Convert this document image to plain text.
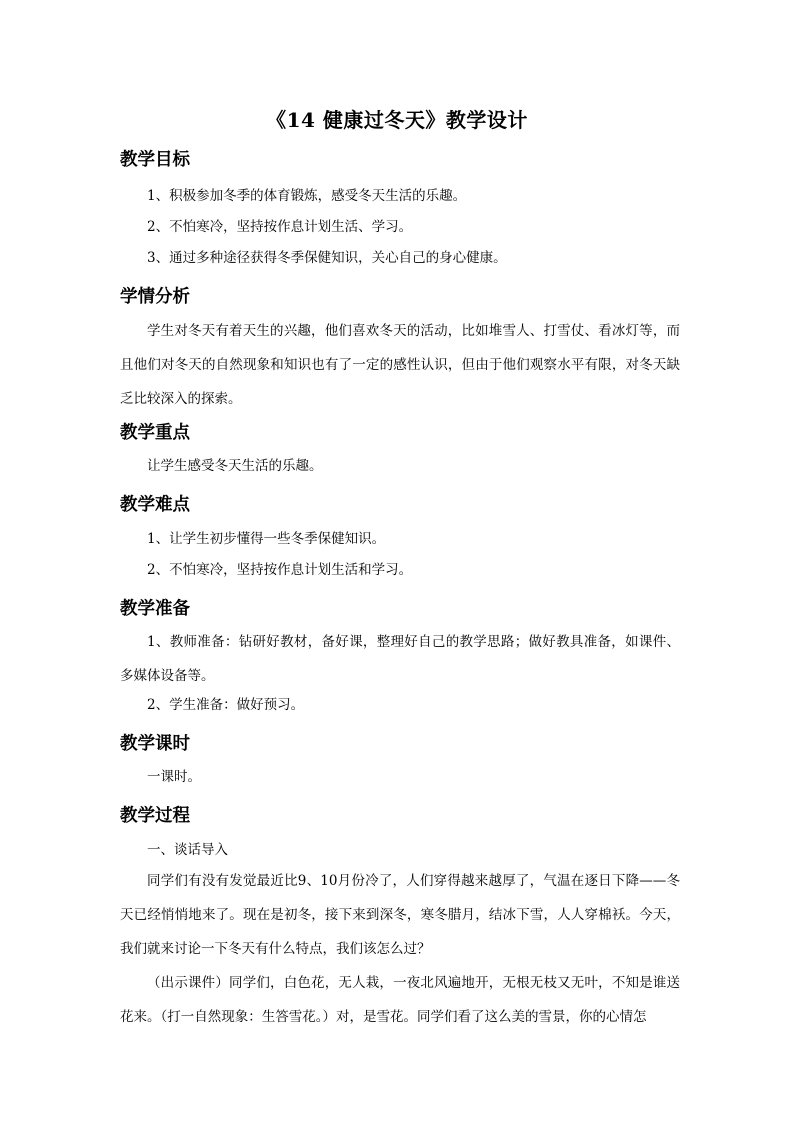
《14 健康过冬天》教学设计
教学目标
1、积极参加冬季的体育锻炼，感受冬天生活的乐趣。
2、不怕寒冷，坚持按作息计划生活、学习。
3、通过多种途径获得冬季保健知识，关心自己的身心健康。
学情分析
学生对冬天有着天生的兴趣，他们喜欢冬天的活动，比如堆雪人、打雪仗、看冰灯等，而且他们对冬天的自然现象和知识也有了一定的感性认识，但由于他们观察水平有限，对冬天缺乏比较深入的探索。
教学重点
让学生感受冬天生活的乐趣。
教学难点
1、让学生初步懂得一些冬季保健知识。
2、不怕寒冷，坚持按作息计划生活和学习。
教学准备
1、教师准备：钻研好教材，备好课，整理好自己的教学思路；做好教具准备，如课件、多媒体设备等。
2、学生准备：做好预习。
教学课时
一课时。
教学过程
一、谈话导入
同学们有没有发觉最近比9、10月份冷了，人们穿得越来越厚了，气温在逐日下降——冬天已经悄悄地来了。现在是初冬，接下来到深冬，寒冬腊月，结冰下雪，人人穿棉袄。今天，我们就来讨论一下冬天有什么特点，我们该怎么过？
（出示课件）同学们，白色花，无人栽，一夜北风遍地开，无根无枝又无叶，不知是谁送花来。（打一自然现象：生答雪花。）对，是雪花。同学们看了这么美的雪景，你的心情怎
